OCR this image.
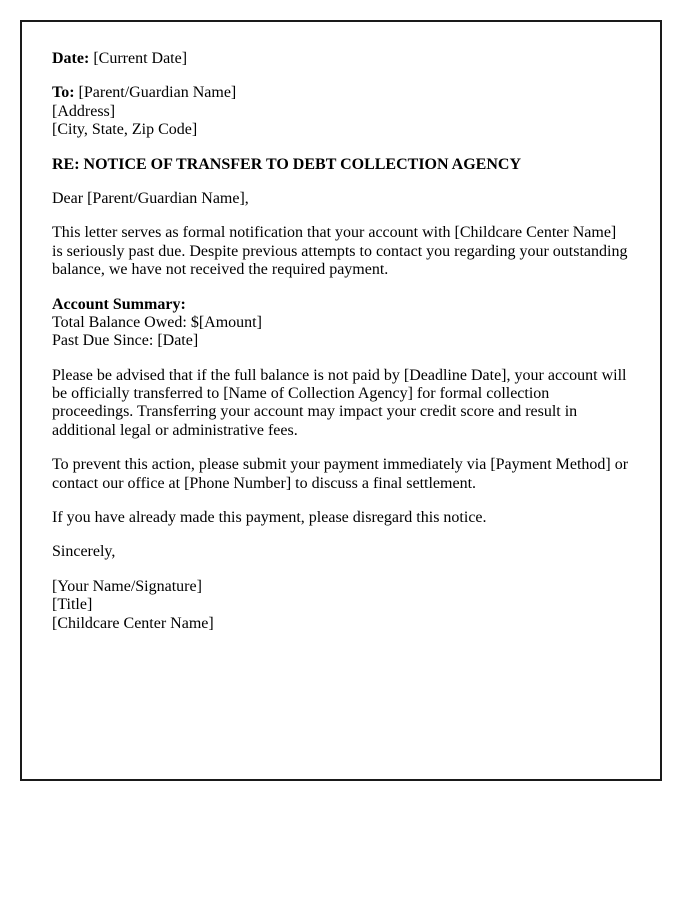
Date: [Current Date]

To: [Parent/Guardian Name]
[Address]
[City, State, Zip Code]

RE: NOTICE OF TRANSFER TO DEBT COLLECTION AGENCY

Dear [Parent/Guardian Name],

This letter serves as formal notification that your account with [Childcare Center Name] is seriously past due. Despite previous attempts to contact you regarding your outstanding balance, we have not received the required payment.

Account Summary:
Total Balance Owed: $[Amount]
Past Due Since: [Date]

Please be advised that if the full balance is not paid by [Deadline Date], your account will be officially transferred to [Name of Collection Agency] for formal collection proceedings. Transferring your account may impact your credit score and result in additional legal or administrative fees.

To prevent this action, please submit your payment immediately via [Payment Method] or contact our office at [Phone Number] to discuss a final settlement.

If you have already made this payment, please disregard this notice.

Sincerely,

[Your Name/Signature]
[Title]
[Childcare Center Name]
